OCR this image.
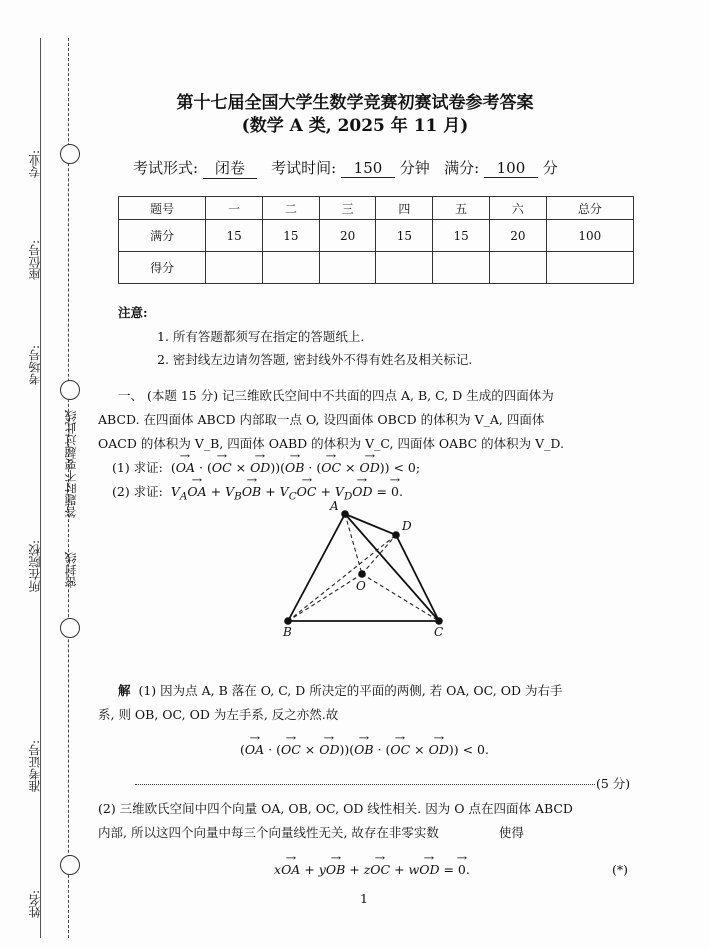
专业:
座位号:
考场号:
所在院校:
准考证号:
姓名:
答题时不要超过此线
密封线
第十七届全国大学生数学竞赛初赛试卷参考答案
(数学 A 类, 2025 年 11 月)
考试形式: 闭卷 考试时间: 150 分钟 满分: 100 分
题号	一	二	三	四	五	六	总分
满分	15	15	20	15	15	20	100
得分							
注意:
1. 所有答题都须写在指定的答题纸上.
2. 密封线左边请勿答题, 密封线外不得有姓名及相关标记.
一、 (本题 15 分) 记三维欧氏空间中不共面的四点 A, B, C, D 生成的四面体为
ABCD. 在四面体 ABCD 内部取一点 O, 设四面体 OBCD 的体积为 V_A, 四面体
OACD 的体积为 V_B, 四面体 OABD 的体积为 V_C, 四面体 OABC 的体积为 V_D.
(1) 求证:  (→ OA · (→ OC × → OD))(→ OB · (→ OC × → OD)) < 0;
(2) 求证: $V_A\to$ OA + $V_B\to$ OB + $V_C\to$ OC + $V_D\to$ OD = → 0.
A
D
O
B	C
解 (1) 因为点 A, B 落在 O, C, D 所决定的平面的两侧, 若 OA, OC, OD 为右手
系, 则 OB, OC, OD 为左手系, 反之亦然.故
(→ OA · (→ OC × → OD))(→ OB · (→ OC × → OD)) < 0.
(5 分)
(2) 三维欧氏空间中四个向量 OA, OB, OC, OD 线性相关. 因为 O 点在四面体 ABCD
内部, 所以这四个向量中每三个向量线性无关, 故存在非零实数	使得
x→ OA + y→ OB + z→ OC + w→ OD = → 0.	(*)
1
